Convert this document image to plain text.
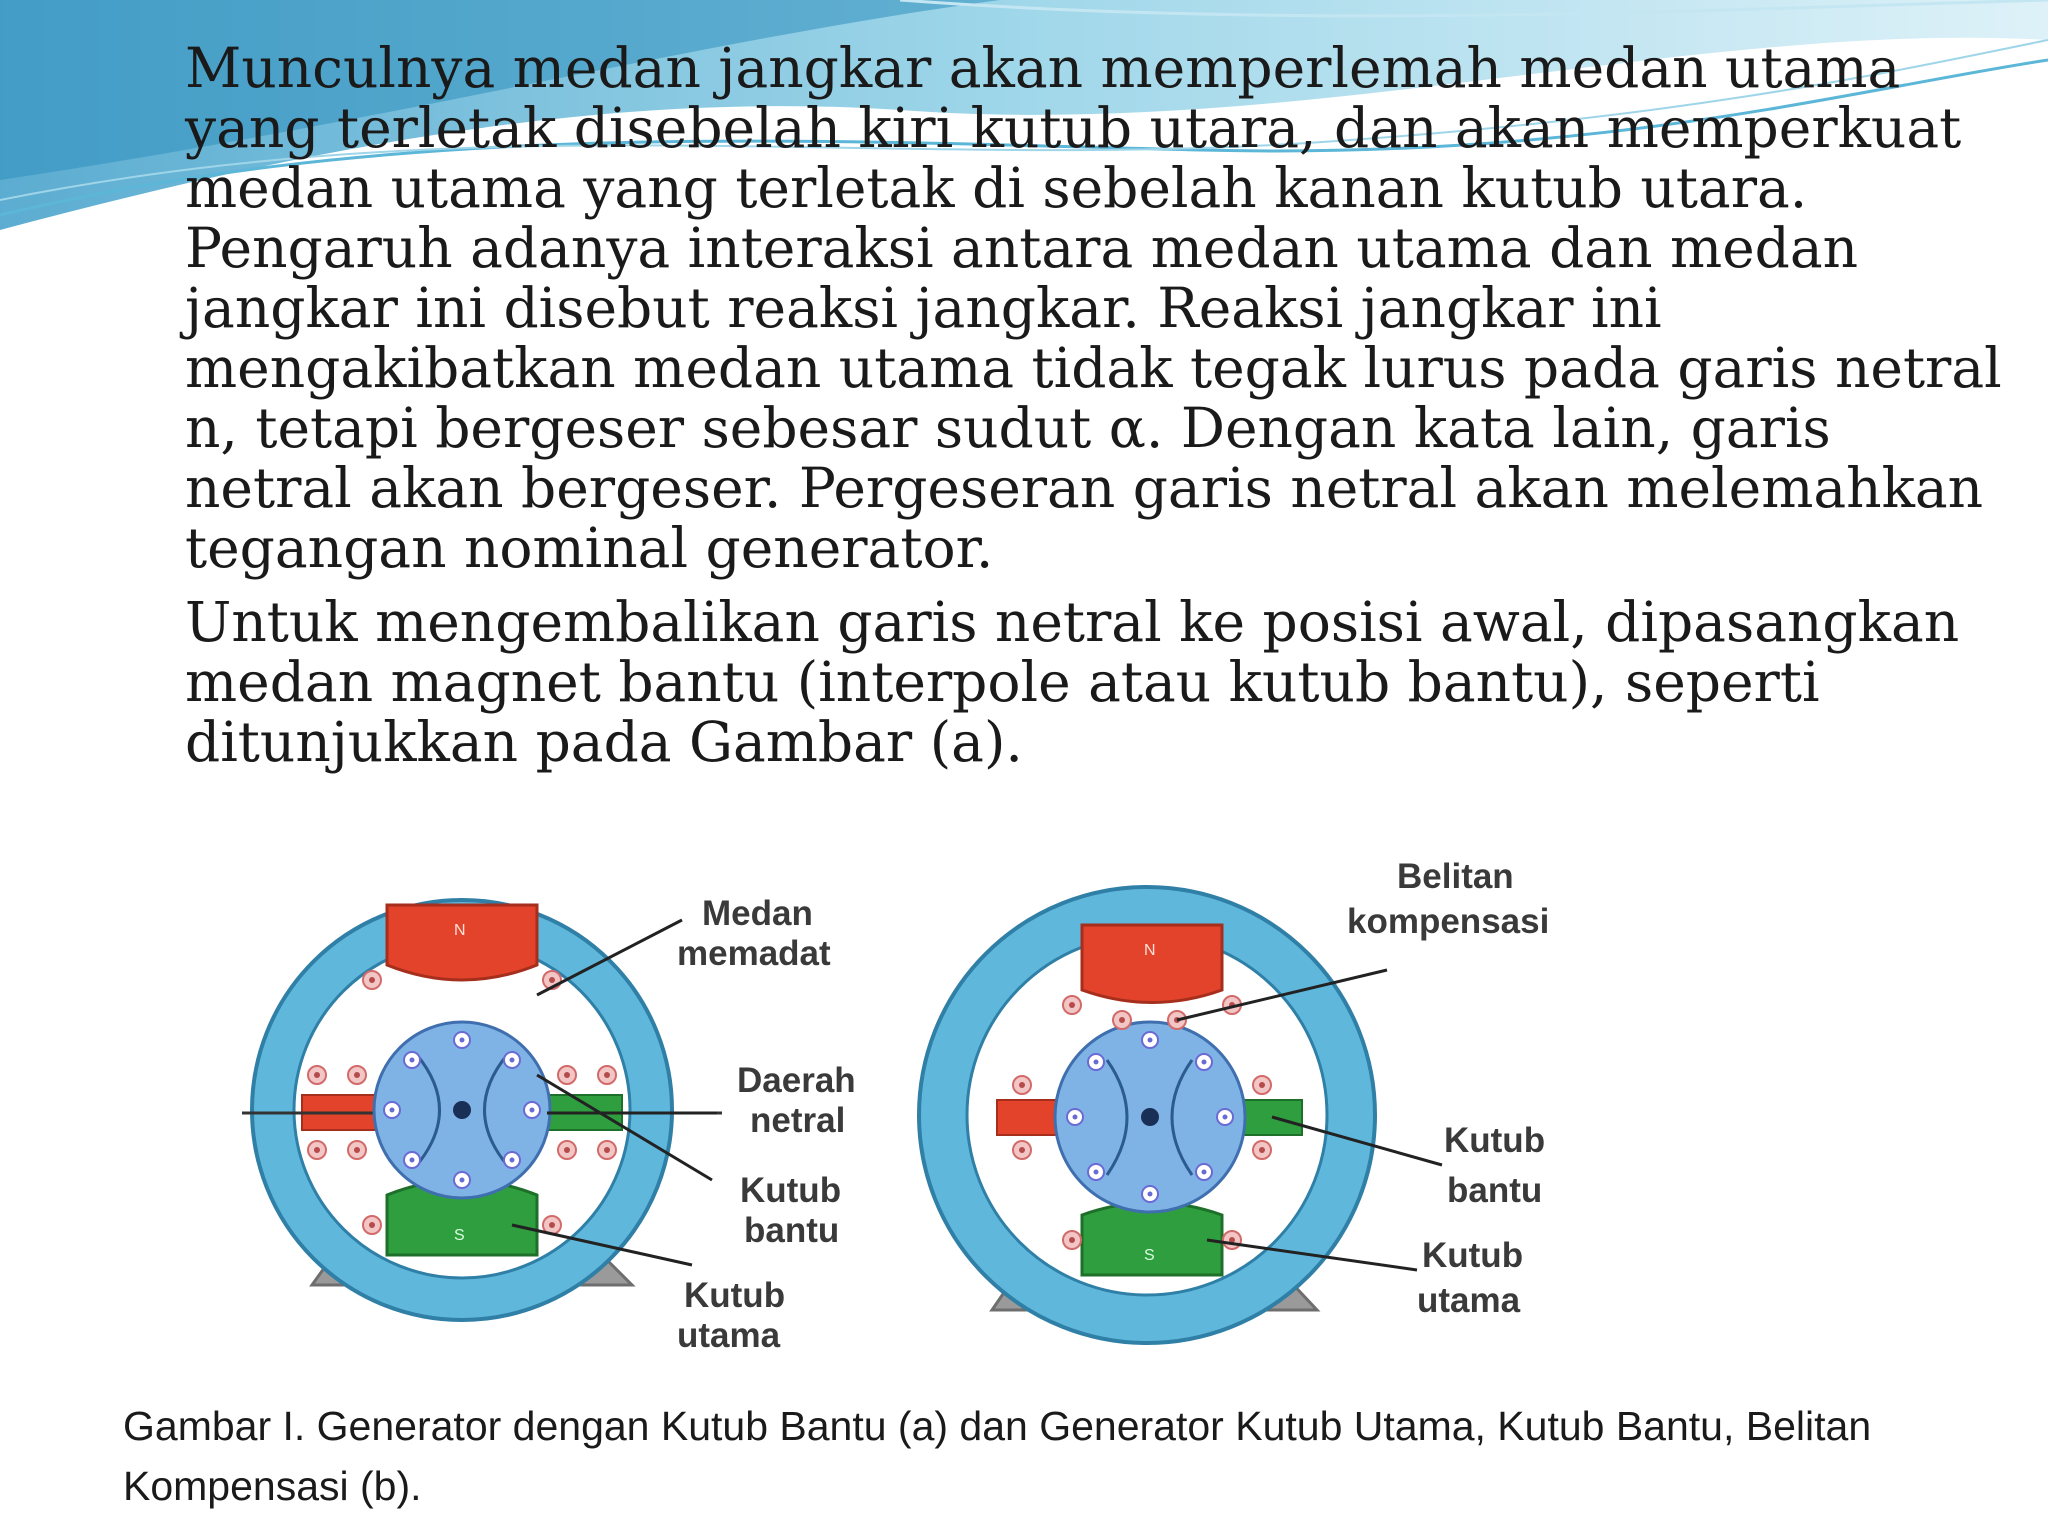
Munculnya medan jangkar akan memperlemah medan utama yang terletak disebelah kiri kutub utara, dan akan memperkuat medan utama yang terletak di sebelah kanan kutub utara. Pengaruh adanya interaksi antara medan utama dan medan jangkar ini disebut reaksi jangkar. Reaksi jangkar ini mengakibatkan medan utama tidak tegak lurus pada garis netral n, tetapi bergeser sebesar sudut α. Dengan kata lain, garis netral akan bergeser. Pergeseran garis netral akan melemahkan tegangan nominal generator.

Untuk mengembalikan garis netral ke posisi awal, dipasangkan medan magnet bantu (interpole atau kutub bantu), seperti ditunjukkan pada Gambar (a).

N
S
Medan memadat
Daerah netral
Kutub bantu
Kutub utama
N
S
Belitan kompensasi
Kutub bantu
Kutub utama
Gambar I. Generator dengan Kutub Bantu (a) dan Generator Kutub Utama, Kutub Bantu, Belitan Kompensasi (b).
